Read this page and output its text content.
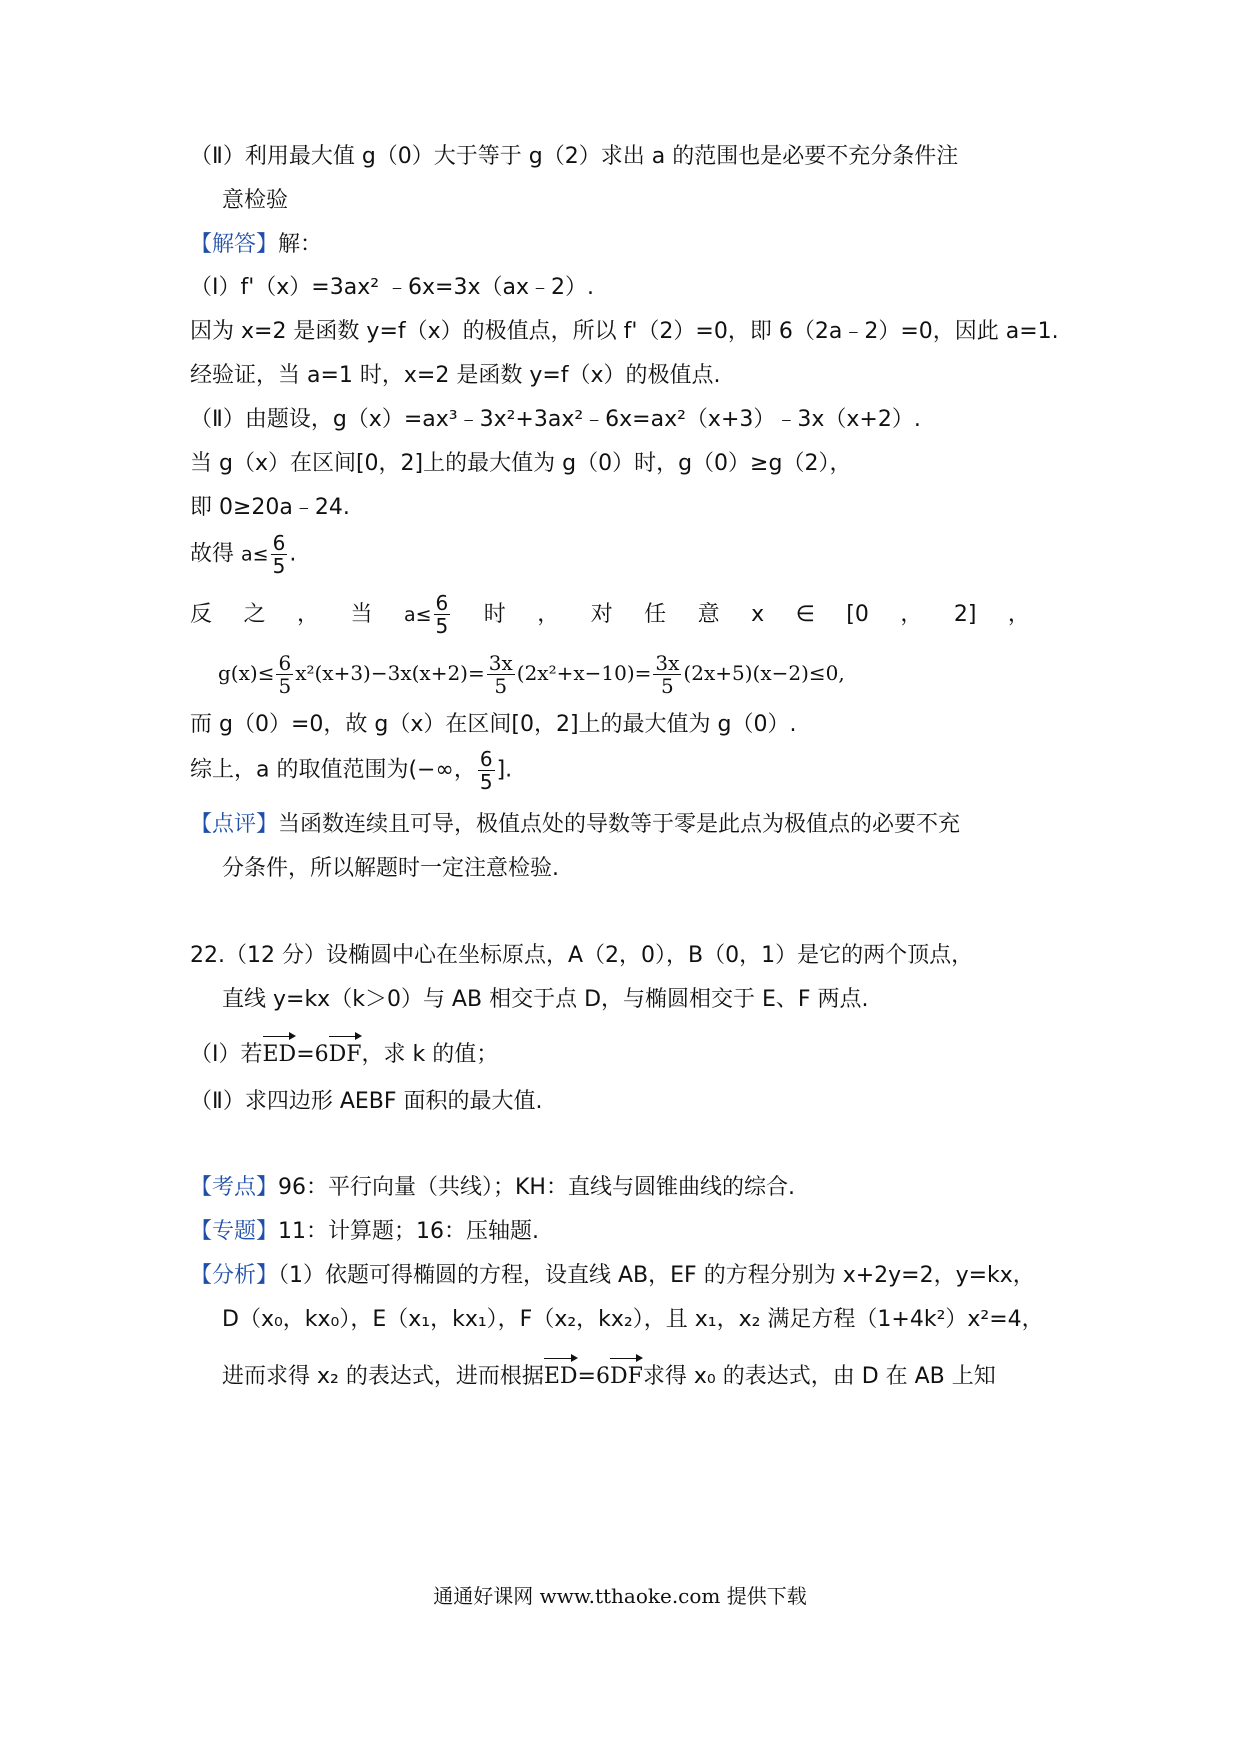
（Ⅱ）利用最大值 g（0）大于等于 g（2）求出 a 的范围也是必要不充分条件注
意检验
【解答】解：
（Ⅰ）f'（x）=3ax² ﹣6x=3x（ax﹣2）.
因为 x=2 是函数 y=f（x）的极值点，所以 f'（2）=0，即 6（2a﹣2）=0，因此 a=1.
经验证，当 a=1 时，x=2 是函数 y=f（x）的极值点.
（Ⅱ）由题设，g（x）=ax³﹣3x²+3ax²﹣6x=ax²（x+3）﹣3x（x+2）.
当 g（x）在区间[0，2]上的最大值为 g（0）时，g（0）≥g（2），
即 0≥20a﹣24.
故得 $a\le \frac{6}{5}$ .
反 之 ， 当 $a\le \frac{6}{5}$ 时 ， 对 任 意 x ∈ [0 ， 2] ，
$g(x)\le \frac{6}{5} x^2(x+3)-3x(x+2)= \frac{3x}{5} (2x^2+x-10)= \frac{3x}{5} (2x+5)(x-2)\le 0$,
而 g（0）=0，故 g（x）在区间[0，2]上的最大值为 g（0）.
综上，a 的取值范围为(−∞， $\frac{6}{5}$ ].
【点评】当函数连续且可导，极值点处的导数等于零是此点为极值点的必要不充
分条件，所以解题时一定注意检验.
22.（12 分）设椭圆中心在坐标原点，A（2，0），B（0，1）是它的两个顶点，
直线 y=kx（k＞0）与 AB 相交于点 D，与椭圆相交于 E、F 两点.
（Ⅰ）若ED=6DF，求 k 的值；
（Ⅱ）求四边形 AEBF 面积的最大值.
【考点】96：平行向量（共线）；KH：直线与圆锥曲线的综合.
【专题】11：计算题；16：压轴题.
【分析】（1）依题可得椭圆的方程，设直线 AB，EF 的方程分别为 x+2y=2，y=kx，
D（x₀，kx₀），E（x₁，kx₁），F（x₂，kx₂），且 x₁，x₂ 满足方程（1+4k²）x²=4，
进而求得 x₂ 的表达式，进而根据ED=6DF求得 x₀ 的表达式，由 D 在 AB 上知
通通好课网 www.tthaoke.com 提供下载
